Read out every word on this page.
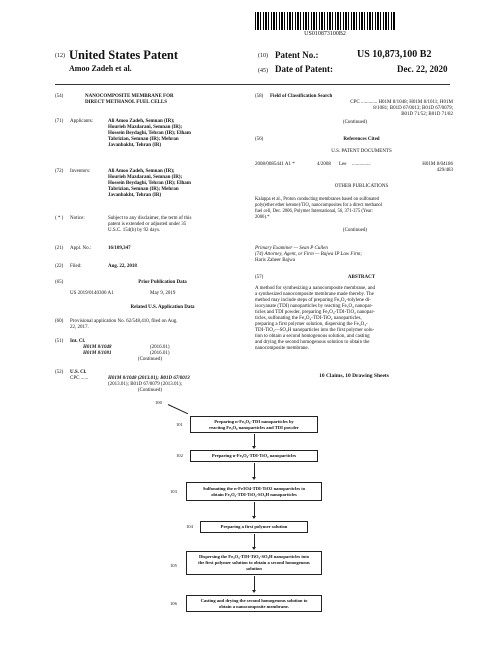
US010873100B2
(12) United States Patent
Amoo Zadeh et al.
(10) Patent No.:	US 10,873,100 B2
(45) Date of Patent:	Dec. 22, 2020
(54)	NANOCOMPOSITE MEMBRANE FOR
DIRECT METHANOL FUEL CELLS
(71) Applicants:	Ali Amoo Zadeh, Semnan (IR);
Hourieh Mazdarani, Semnan (IR);
Hossein Beydaghi, Tehran (IR); Elham
Tabrizian, Semnan (IR); Mehran
Javanbakht, Tehran (IR)
(72) Inventors:	Ali Amoo Zadeh, Semnan (IR);
Hourieh Mazdarani, Semnan (IR);
Hossein Beydaghi, Tehran (IR); Elham
Tabrizian, Semnan (IR); Mehran
Javanbakht, Tehran (IR)
( * ) Notice:	Subject to any disclaimer, the term of this
patent is extended or adjusted under 35
U.S.C. 154(b) by 92 days.
(21) Appl. No.:	16/109,347
(22) Filed:	Aug. 22, 2018
(65)	Prior Publication Data
US 2019/0140300 A1	May 9, 2019
Related U.S. Application Data
(60) Provisional application No. 62/548,410, filed on Aug.
22, 2017.
(51) Int. Cl.
H01M 8/1048	(2016.01)
H01M 8/1081	(2016.01)
(Continued)
(52) U.S. Cl.
CPC ......	H01M 8/1048 (2013.01); B01D 67/0013
(2013.01); B01D 67/0079 (2013.01);
(Continued)
(58) Field of Classification Search
CPC ............. H01M 8/1048; H01M 8/1011; H01M
8/1081; B01D 67/0013; B01D 67/0079;
B01D 71/52; B01D 71/82
(Continued)
(56)	References Cited
U.S. PATENT DOCUMENTS
2008/0085441 A1 *	4/2008 Lee ...............	H01M 8/04186
429/483
OTHER PUBLICATIONS
Kalappa et al., Proton conducting membranes based on sulfonated
poly(ether ether ketone)/TiO₂ nanocomposites for a direct methanol
fuel cell, Dec. 2006, Polymer International, 56, 371-375 (Year:
2006).*
(Continued)
Primary Examiner — Sean P Cullen
(74) Attorney, Agent, or Firm — Bajwa IP Law Firm;
Haris Zaheer Bajwa
(57)	ABSTRACT
A method for synthesizing a nanocomposite membrane, and
a synthesized nanocomposite membrane made thereby. The
method may include steps of preparing Fe₃O₄-tolylene di-
isocyanate (TDI) nanoparticles by reacting Fe₃O₄ nanopar-
ticles and TDI powder, preparing Fe₃O₄-TDI-TiO₂ nanopar-
ticles, sulfonating the Fe₃O₄-TDI-TiO₂ nanoparticles,
preparing a first polymer solution, dispersing the Fe₃O₄-
TDI-TiO₂—SO₃H nanoparticles into the first polymer solu-
tion to obtain a second homogenous solution, and casting
and drying the second homogenous solution to obtain the
nanocomposite membrane.
10 Claims, 10 Drawing Sheets
100
Preparing n-Fe₃O₄-TDI nanoparticles by
reacting Fe₃O₄ nanoparticles and TDI powder
101
Preparing n-Fe₃O₄-TDI-TiO₂ nanoparticles
102
Sulfonating the n-Fe3O4-TDI-TiO2 nanoparticles to
obtain Fe₃O₄-TDI-TiO₂-SO₃H nanoparticles
103
Preparing a first polymer solution
104
Dispersing the Fe₃O₄-TDI-TiO₂-SO₃H nanoparticles into
the first polymer solution to obtain a second homogenous
solution
105
Casting and drying the second homogenous solution to
obtain a nanocomposite membrane.
106
